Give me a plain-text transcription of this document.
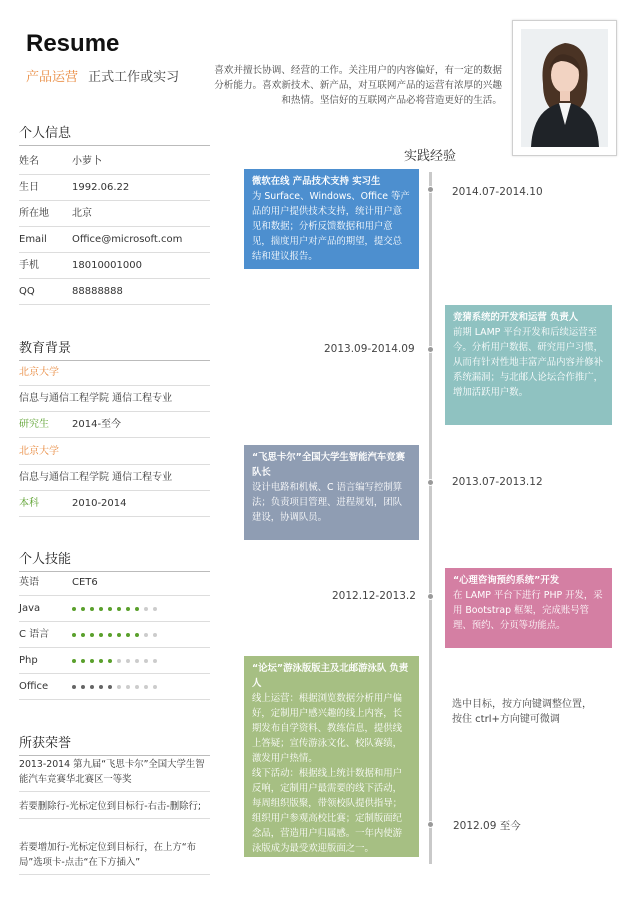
Resume
产品运营 正式工作或实习	喜欢并擅长协调、经营的工作。关注用户的内容偏好，有一定的数据分析能力。喜欢新技术、新产品，对互联网产品的运营有浓厚的兴趣和热情。坚信好的互联网产品必将营造更好的生活。
个人信息
姓名	小萝卜
生日	1992.06.22
所在地 北京
Email	Office@microsoft.com
手机	18010001000
QQ	88888888
教育背景
北京大学
信息与通信工程学院 通信工程专业
研究生 2014-至今
北京大学
信息与通信工程学院 通信工程专业
本科	2010-2014
个人技能
英语	CET6
Java
C 语言
Php
Office
所获荣誉
2013-2014 第九届“飞思卡尔”全国大学生智能汽车竞赛华北赛区一等奖
若要删除行-光标定位到目标行-右击-删除行;
若要增加行-光标定位到目标行，在上方“布局”选项卡-点击“在下方插入”
实践经验
微软在线 产品技术支持 实习生
为 Surface、Windows、Office 等产品的用户提供技术支持，统计用户意见和数据；分析反馈数据和用户意见，揣度用户对产品的期望，提交总结和建议报告。
竞猜系统的开发和运营 负责人
前期 LAMP 平台开发和后续运营至今。分析用户数据、研究用户习惯，从而有针对性地丰富产品内容并修补系统漏洞；与北邮人论坛合作推广，增加活跃用户数。
“飞思卡尔”全国大学生智能汽车竞赛 队长
设计电路和机械、C 语言编写控制算法；负责项目管理、进程规划，团队建设，协调队员。
“心理咨询预约系统”开发
在 LAMP 平台下进行 PHP 开发，采用 Bootstrap 框架，完成账号管理、预约、分页等功能点。
“论坛”游泳版版主及北邮游泳队 负责人
线上运营：根据浏览数据分析用户偏好，定制用户感兴趣的线上内容，长期发布自学资料、教练信息，提供线上答疑；宣传游泳文化、校队赛绩，激发用户热情。
线下活动：根据线上统计数据和用户反响，定制用户最需要的线下活动，每周组织版聚，带领校队提供指导；组织用户参观高校比赛；定制版面纪念品，营造用户归属感。一年内使游泳版成为最受欢迎版面之一。
2014.07-2014.10
2013.09-2014.09
2013.07-2013.12
2012.12-2013.2
2012.09 至今
选中目标，按方向键调整位置，按住 ctrl+方向键可微调
